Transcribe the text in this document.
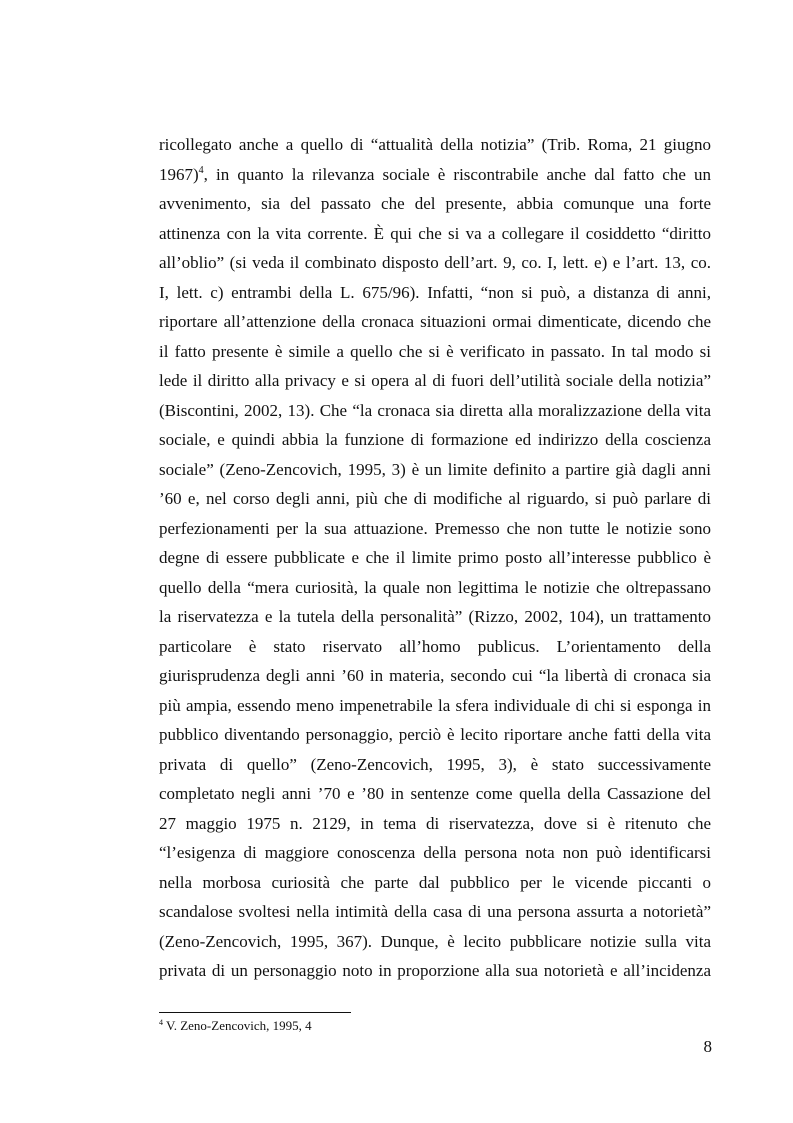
ricollegato anche a quello di “attualità della notizia” (Trib. Roma, 21 giugno
1967)$^4$, in quanto la rilevanza sociale è riscontrabile anche dal fatto che un
avvenimento, sia del passato che del presente, abbia comunque una forte
attinenza con la vita corrente. È qui che si va a collegare il cosiddetto “diritto
all’oblio” (si veda il combinato disposto dell’art. 9, co. I, lett. e) e l’art. 13, co.
I, lett. c) entrambi della L. 675/96). Infatti, “non si può, a distanza di anni,
riportare all’attenzione della cronaca situazioni ormai dimenticate, dicendo che
il fatto presente è simile a quello che si è verificato in passato. In tal modo si
lede il diritto alla privacy e si opera al di fuori dell’utilità sociale della notizia”
(Biscontini, 2002, 13). Che “la cronaca sia diretta alla moralizzazione della vita
sociale, e quindi abbia la funzione di formazione ed indirizzo della coscienza
sociale” (Zeno-Zencovich, 1995, 3) è un limite definito a partire già dagli anni
’60 e, nel corso degli anni, più che di modifiche al riguardo, si può parlare di
perfezionamenti per la sua attuazione. Premesso che non tutte le notizie sono
degne di essere pubblicate e che il limite primo posto all’interesse pubblico è
quello della “mera curiosità, la quale non legittima le notizie che oltrepassano
la riservatezza e la tutela della personalità” (Rizzo, 2002, 104), un trattamento
particolare è stato riservato all’homo publicus. L’orientamento della
giurisprudenza degli anni ’60 in materia, secondo cui “la libertà di cronaca sia
più ampia, essendo meno impenetrabile la sfera individuale di chi si esponga in
pubblico diventando personaggio, perciò è lecito riportare anche fatti della vita
privata di quello” (Zeno-Zencovich, 1995, 3), è stato successivamente
completato negli anni ’70 e ’80 in sentenze come quella della Cassazione del
27 maggio 1975 n. 2129, in tema di riservatezza, dove si è ritenuto che
“l’esigenza di maggiore conoscenza della persona nota non può identificarsi
nella morbosa curiosità che parte dal pubblico per le vicende piccanti o
scandalose svoltesi nella intimità della casa di una persona assurta a notorietà”
(Zeno-Zencovich, 1995, 367). Dunque, è lecito pubblicare notizie sulla vita
privata di un personaggio noto in proporzione alla sua notorietà e all’incidenza
$^4$ V. Zeno-Zencovich, 1995, 4
8
